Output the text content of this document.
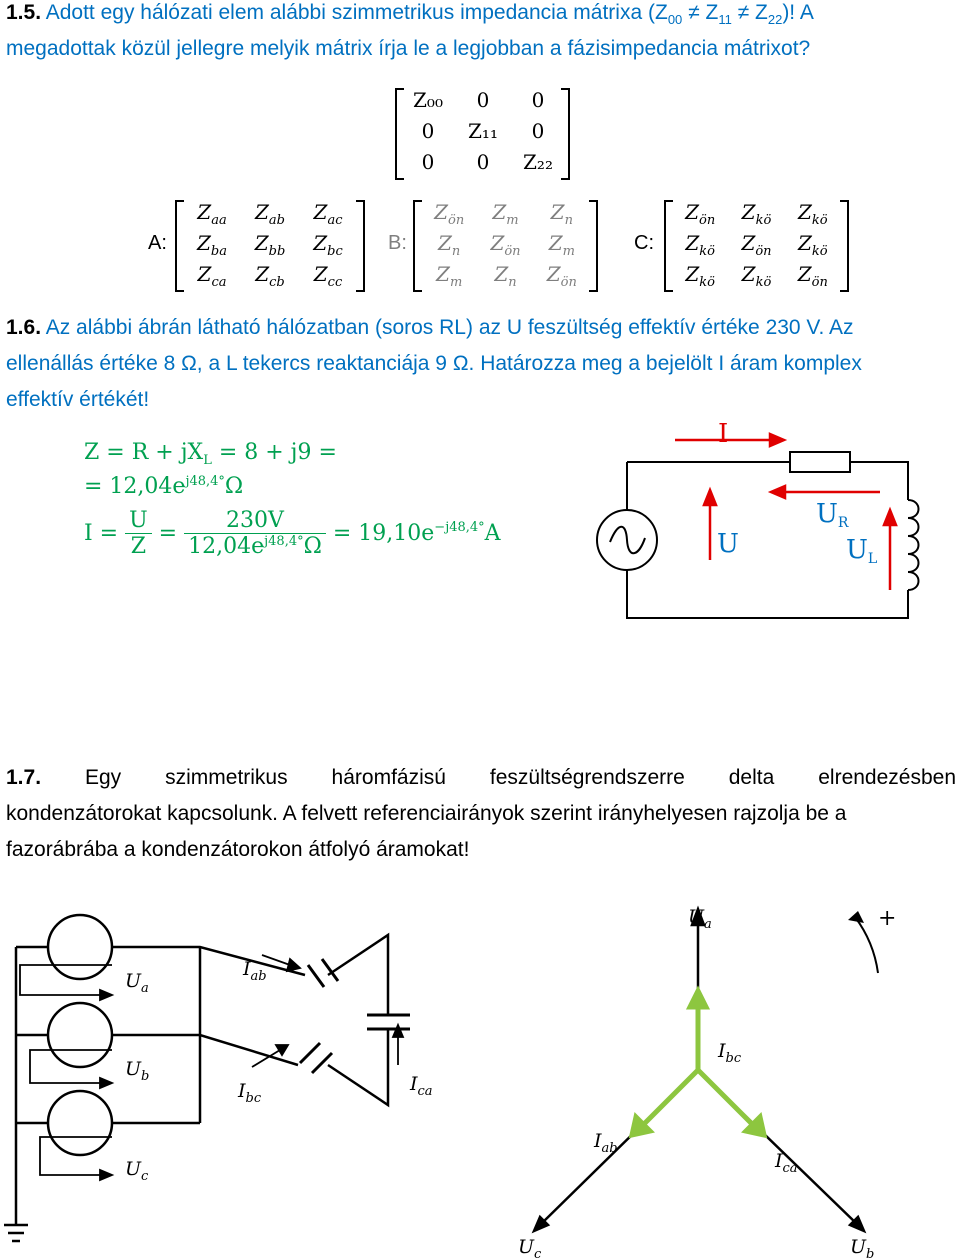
1.5. Adott egy hálózati elem alábbi szimmetrikus impedancia mátrixa $(Z_{00} \ne Z_{11} \ne Z_{22})$! A
megadottak közül jellegre melyik mátrix írja le a legjobban a fázisimpedancia mátrixot?
Z₀₀	0	0
0	Z₁₁	0
0	0	Z₂₂
A:
$Z_{aa}$	$Z_{ab}$	$Z_{ac}$
$Z_{ba}$	$Z_{bb}$	$Z_{bc}$
$Z_{ca}$	$Z_{cb}$	$Z_{cc}$
B:
$Z_{ön}$	$Z_m$	$Z_n$
$Z_n$	$Z_{ön}$	$Z_m$
$Z_m$	$Z_n$	$Z_{ön}$
C:
$Z_{ön}$	$Z_{kö}$	$Z_{kö}$
$Z_{kö}$	$Z_{ön}$	$Z_{kö}$
$Z_{kö}$	$Z_{kö}$	$Z_{ön}$
1.6. Az alábbi ábrán látható hálózatban (soros RL) az U feszültség effektív értéke 230 V. Az
ellenállás értéke 8 Ω, a L tekercs reaktanciája 9 Ω. Határozza meg a bejelölt I áram komplex
effektív értékét!
$Z = R + jX_L = 8 + j9$ =
= $12,04e^{j48,4^\circ}\Omega$
$I = \frac{U}{Z} = \frac{230V}{12,04e^{j48,4^\circ}\Omega} = 19,10e^{-j48,4^\circ}A$
I
U
UR
UL
1.7. Egy szimmetrikus háromfázisú feszültségrendszerre delta elrendezésben
kondenzátorokat kapcsolunk. A felvett referenciairányok szerint irányhelyesen rajzolja be a
fazorábrába a kondenzátorokon átfolyó áramokat!
$U_a$
$U_b$
$U_c$
$I_{ab}$
$I_{bc}$
$I_{ca}$
$U_a$
$U_b$
$U_c$
$I_{bc}$
$I_{ab}$
$I_{ca}$
+
